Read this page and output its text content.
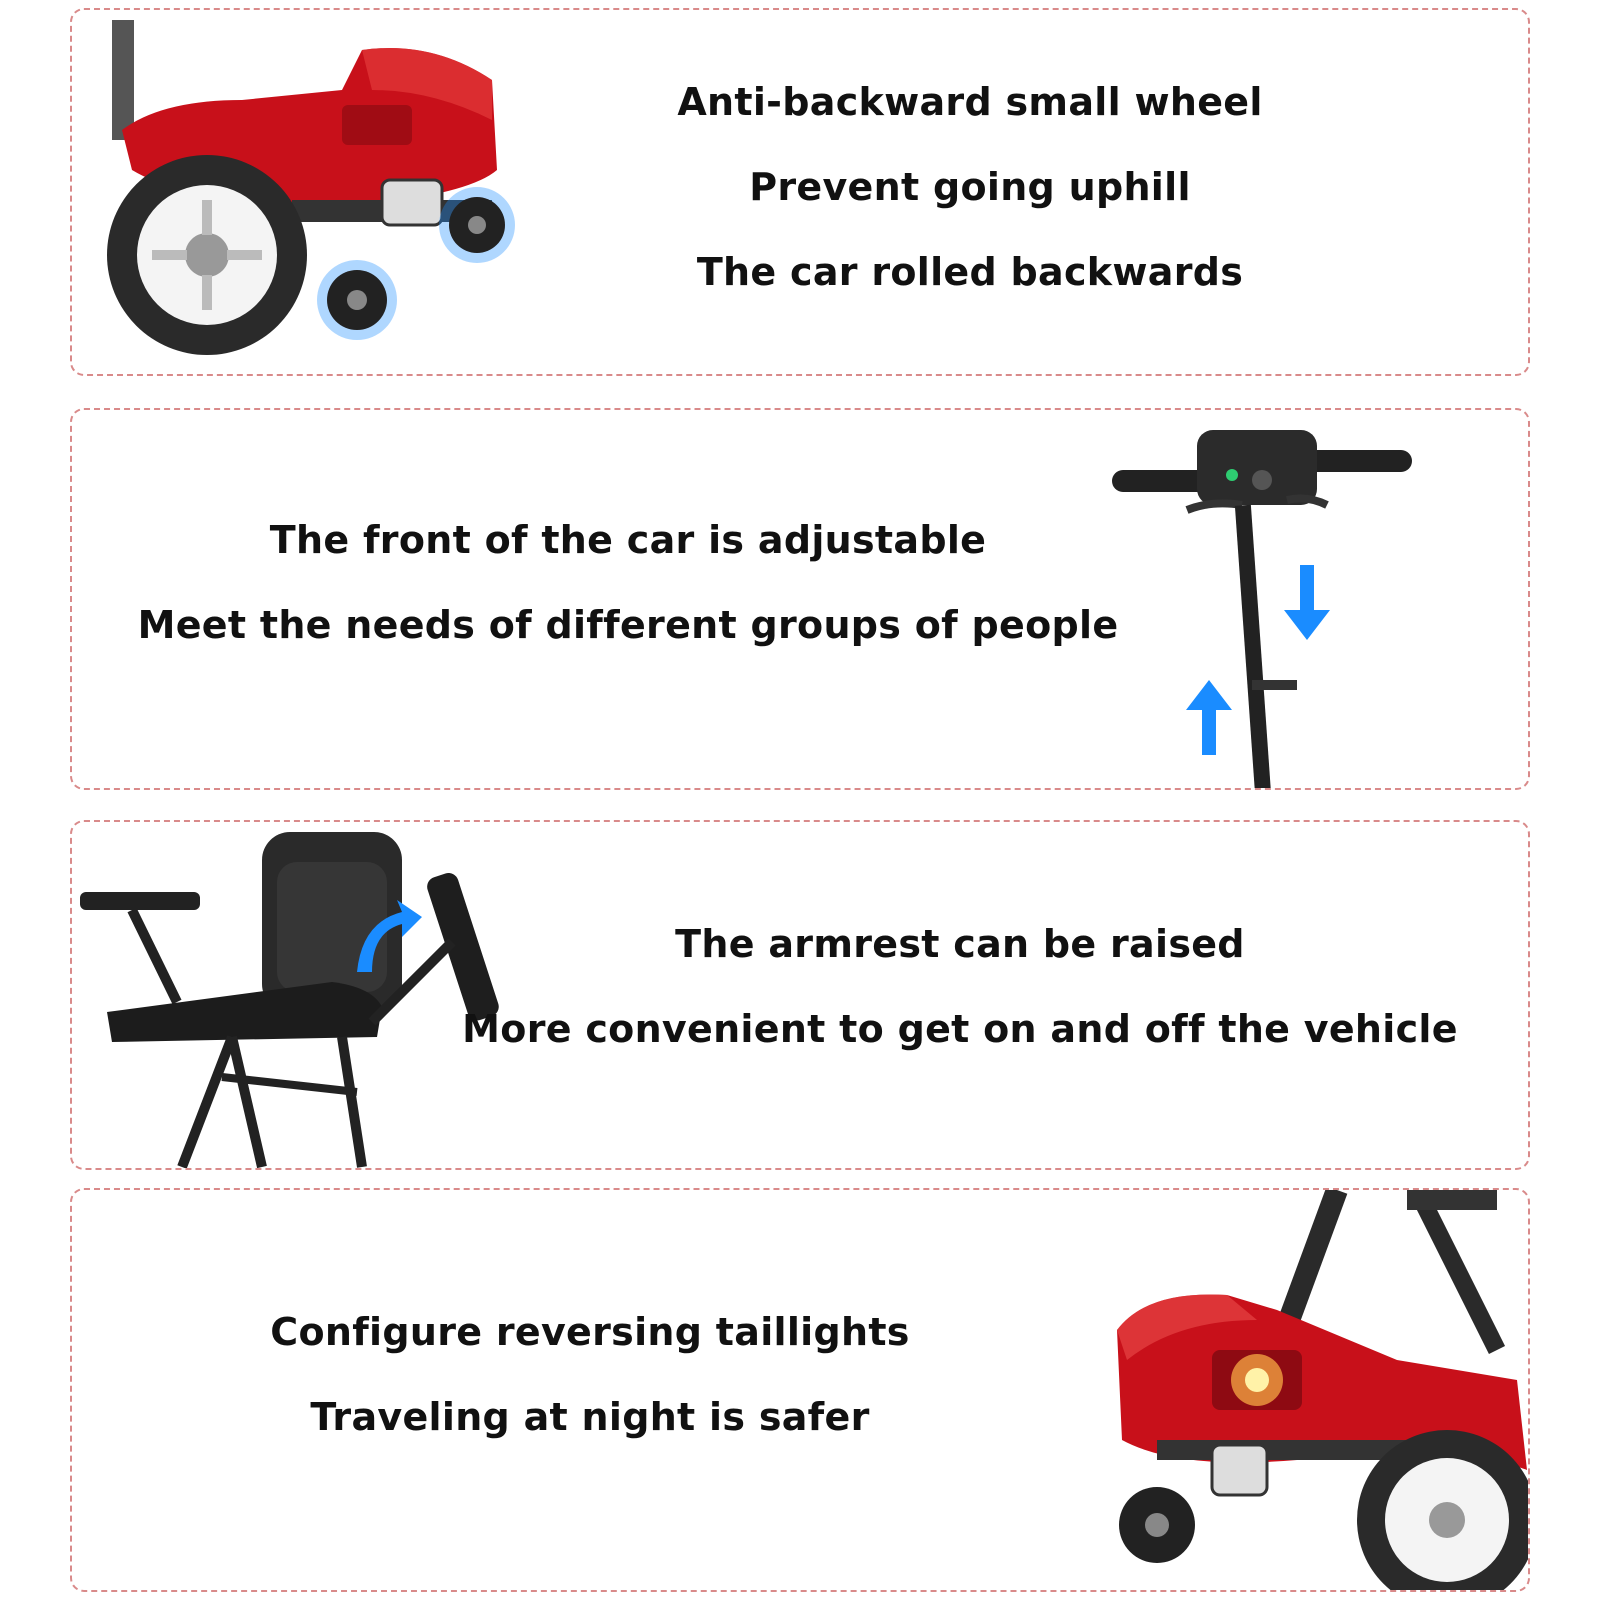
Anti-backward small wheel
Prevent going uphill
The car rolled backwards
The front of the car is adjustable
Meet the needs of different groups of people
The armrest can be raised
More convenient to get on and off the vehicle
Configure reversing taillights
Traveling at night is safer
